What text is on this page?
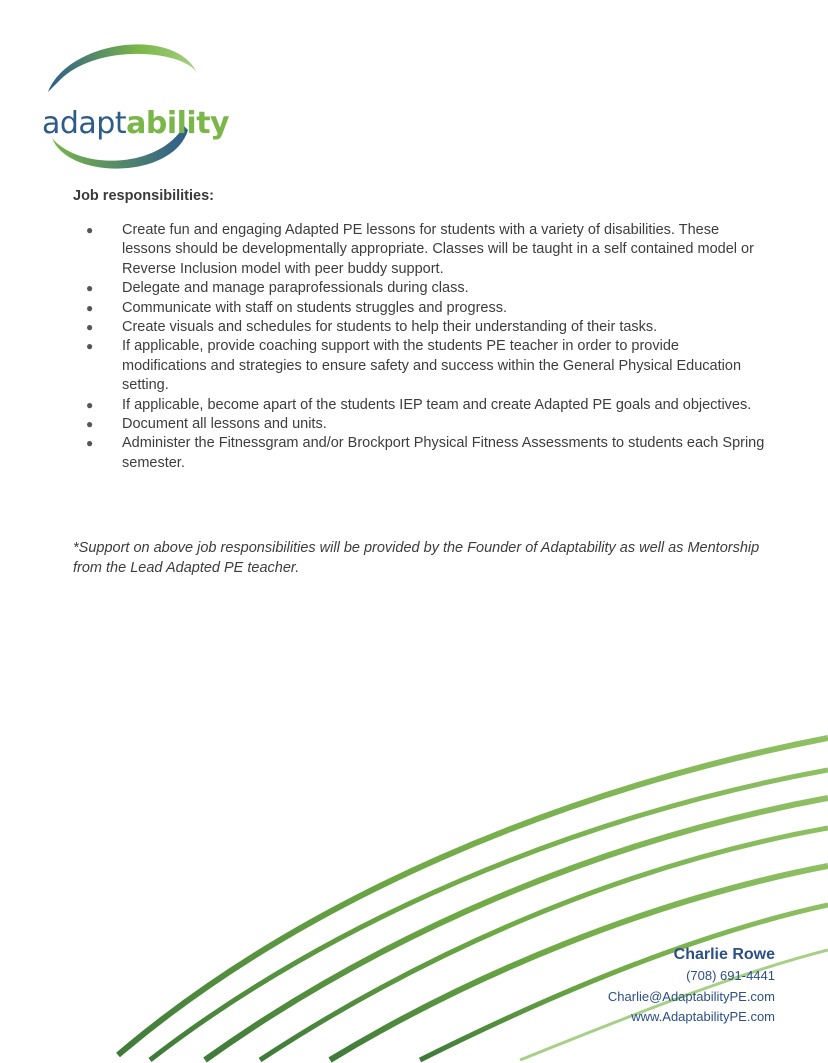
adaptability
Job responsibilities:
● Create fun and engaging Adapted PE lessons for students with a variety of disabilities. These lessons should be developmentally appropriate. Classes will be taught in a self contained model or Reverse Inclusion model with peer buddy support.
● Delegate and manage paraprofessionals during class.
● Communicate with staff on students struggles and progress.
● Create visuals and schedules for students to help their understanding of their tasks.
● If applicable, provide coaching support with the students PE teacher in order to provide modifications and strategies to ensure safety and success within the General Physical Education setting.
● If applicable, become apart of the students IEP team and create Adapted PE goals and objectives.
● Document all lessons and units.
● Administer the Fitnessgram and/or Brockport Physical Fitness Assessments to students each Spring semester.
*Support on above job responsibilities will be provided by the Founder of Adaptability as well as Mentorship from the Lead Adapted PE teacher.
Charlie Rowe
(708) 691-4441
Charlie@AdaptabilityPE.com
www.AdaptabilityPE.com
